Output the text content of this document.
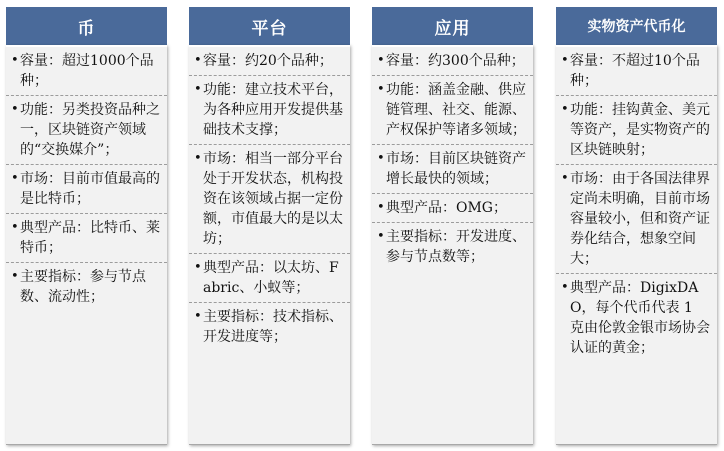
币
• 容量：超过1000个品种；
• 功能：另类投资品种之一，区块链资产领域的“交换媒介”；
• 市场：目前市值最高的是比特币；
• 典型产品：比特币、莱特币；
• 主要指标：参与节点数、流动性；
平台
• 容量：约20个品种；
• 功能：建立技术平台，为各种应用开发提供基础技术支撑；
• 市场：相当一部分平台处于开发状态，机构投资在该领域占据一定份额，市值最大的是以太坊；
• 典型产品：以太坊、Fabric、小蚁等；
• 主要指标：技术指标、开发进度等；
应用
• 容量：约300个品种；
• 功能：涵盖金融、供应链管理、社交、能源、产权保护等诸多领域；
• 市场：目前区块链资产增长最快的领域；
• 典型产品：OMG；
• 主要指标：开发进度、参与节点数等；
实物资产代币化
• 容量：不超过10个品种；
• 功能：挂钩黄金、美元等资产，是实物资产的区块链映射；
• 市场：由于各国法律界定尚未明确，目前市场容量较小，但和资产证券化结合，想象空间大；
• 典型产品：DigixDAO，每个代币代表 1 克由伦敦金银市场协会认证的黄金；
